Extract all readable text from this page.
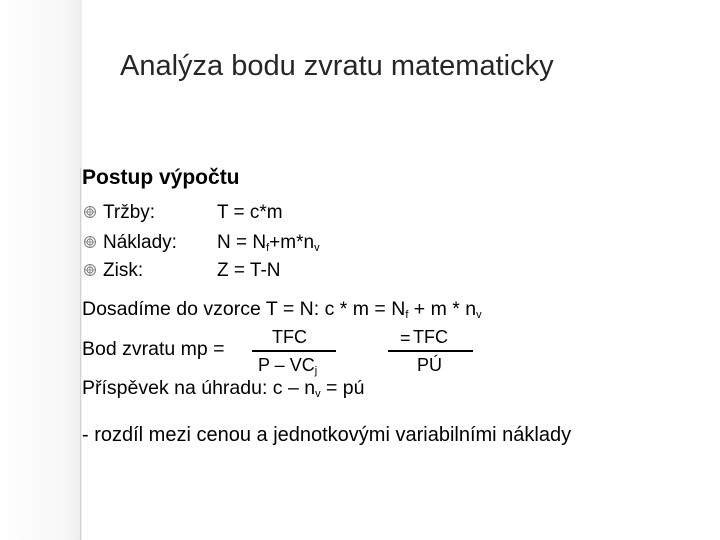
Analýza bodu zvratu matematicky
Postup výpočtu
Tržby:	T = c*m
Náklady: $N = N_f+m*n_v$
Zisk:	Z = T-N
Dosadíme do vzorce T = N: $c * m = N_f + m * n_v$
Bod zvratu mp =
TFC
P – $VC_j$
= TFC
PÚ
Příspěvek na úhradu: c – $n_v$ = pú
- rozdíl mezi cenou a jednotkovými variabilními náklady
